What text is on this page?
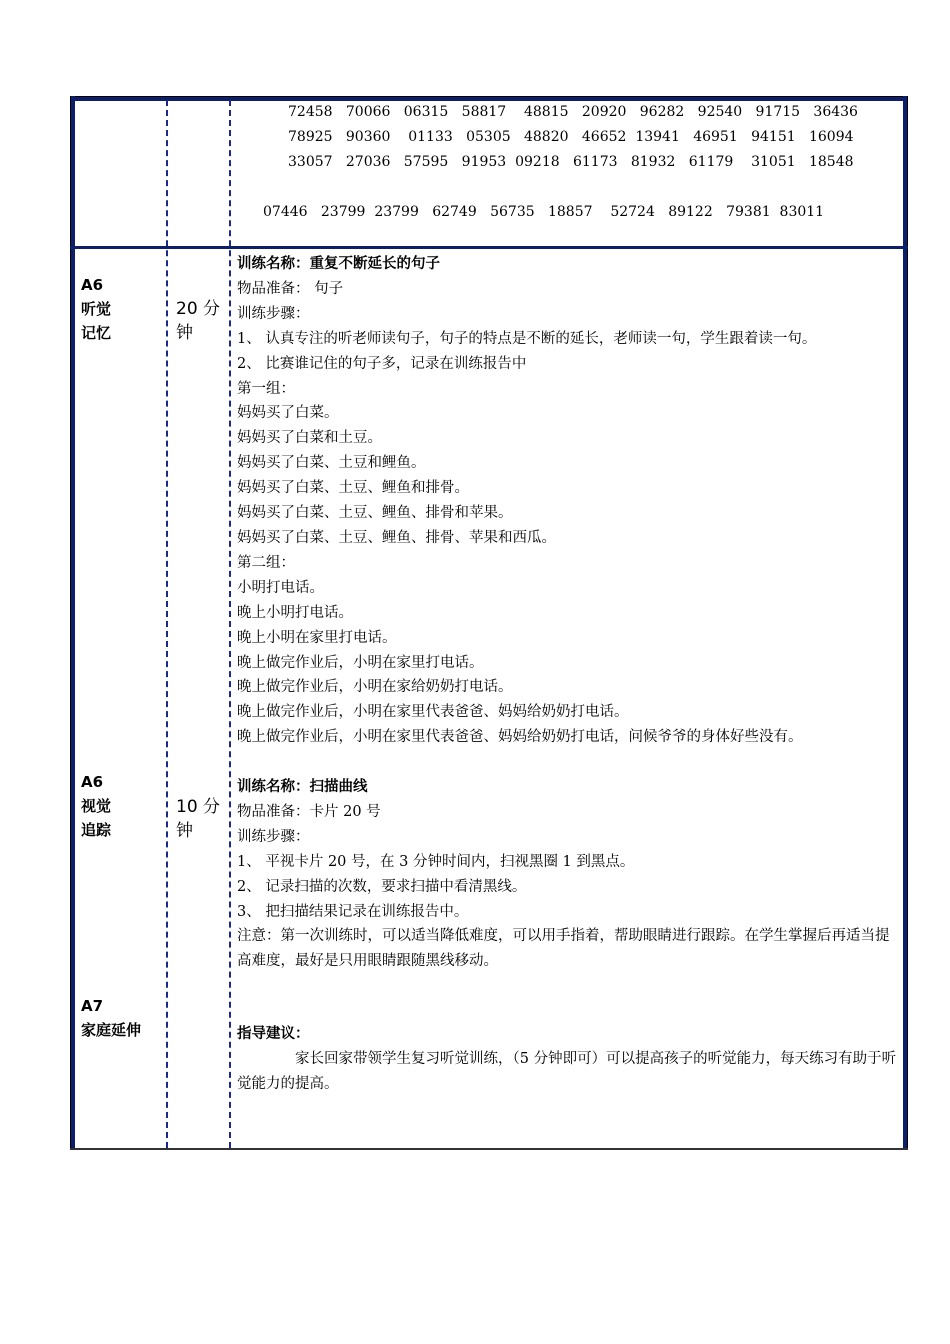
72458   70066   06315   58817    48815   20920   96282   92540   91715   36436
78925   90360    01133   05305   48820   46652  13941   46951   94151   16094
33057   27036   57595   91953  09218   61173   81932   61179    31051   18548
07446   23799  23799   62749   56735   18857    52724   89122   79381  83011
A6
听觉
记忆
20 分
钟
A6
视觉
追踪
10 分
钟
A7
家庭延伸
训练名称：重复不断延长的句子
物品准备： 句子
训练步骤：
1、 认真专注的听老师读句子，句子的特点是不断的延长，老师读一句，学生跟着读一句。
2、 比赛谁记住的句子多，记录在训练报告中
第一组：
妈妈买了白菜。
妈妈买了白菜和土豆。
妈妈买了白菜、土豆和鲤鱼。
妈妈买了白菜、土豆、鲤鱼和排骨。
妈妈买了白菜、土豆、鲤鱼、排骨和苹果。
妈妈买了白菜、土豆、鲤鱼、排骨、苹果和西瓜。
第二组：
小明打电话。
晚上小明打电话。
晚上小明在家里打电话。
晚上做完作业后，小明在家里打电话。
晚上做完作业后，小明在家给奶奶打电话。
晚上做完作业后，小明在家里代表爸爸、妈妈给奶奶打电话。
晚上做完作业后，小明在家里代表爸爸、妈妈给奶奶打电话，问候爷爷的身体好些没有。
训练名称：扫描曲线
物品准备：卡片 20 号
训练步骤：
1、 平视卡片 20 号，在 3 分钟时间内，扫视黑圈 1 到黑点。
2、 记录扫描的次数，要求扫描中看清黑线。
3、 把扫描结果记录在训练报告中。
注意：第一次训练时，可以适当降低难度，可以用手指着，帮助眼睛进行跟踪。在学生掌握后再适当提高难度，最好是只用眼睛跟随黑线移动。
指导建议：
家长回家带领学生复习听觉训练，（5 分钟即可）可以提高孩子的听觉能力，每天练习有助于听觉能力的提高。
